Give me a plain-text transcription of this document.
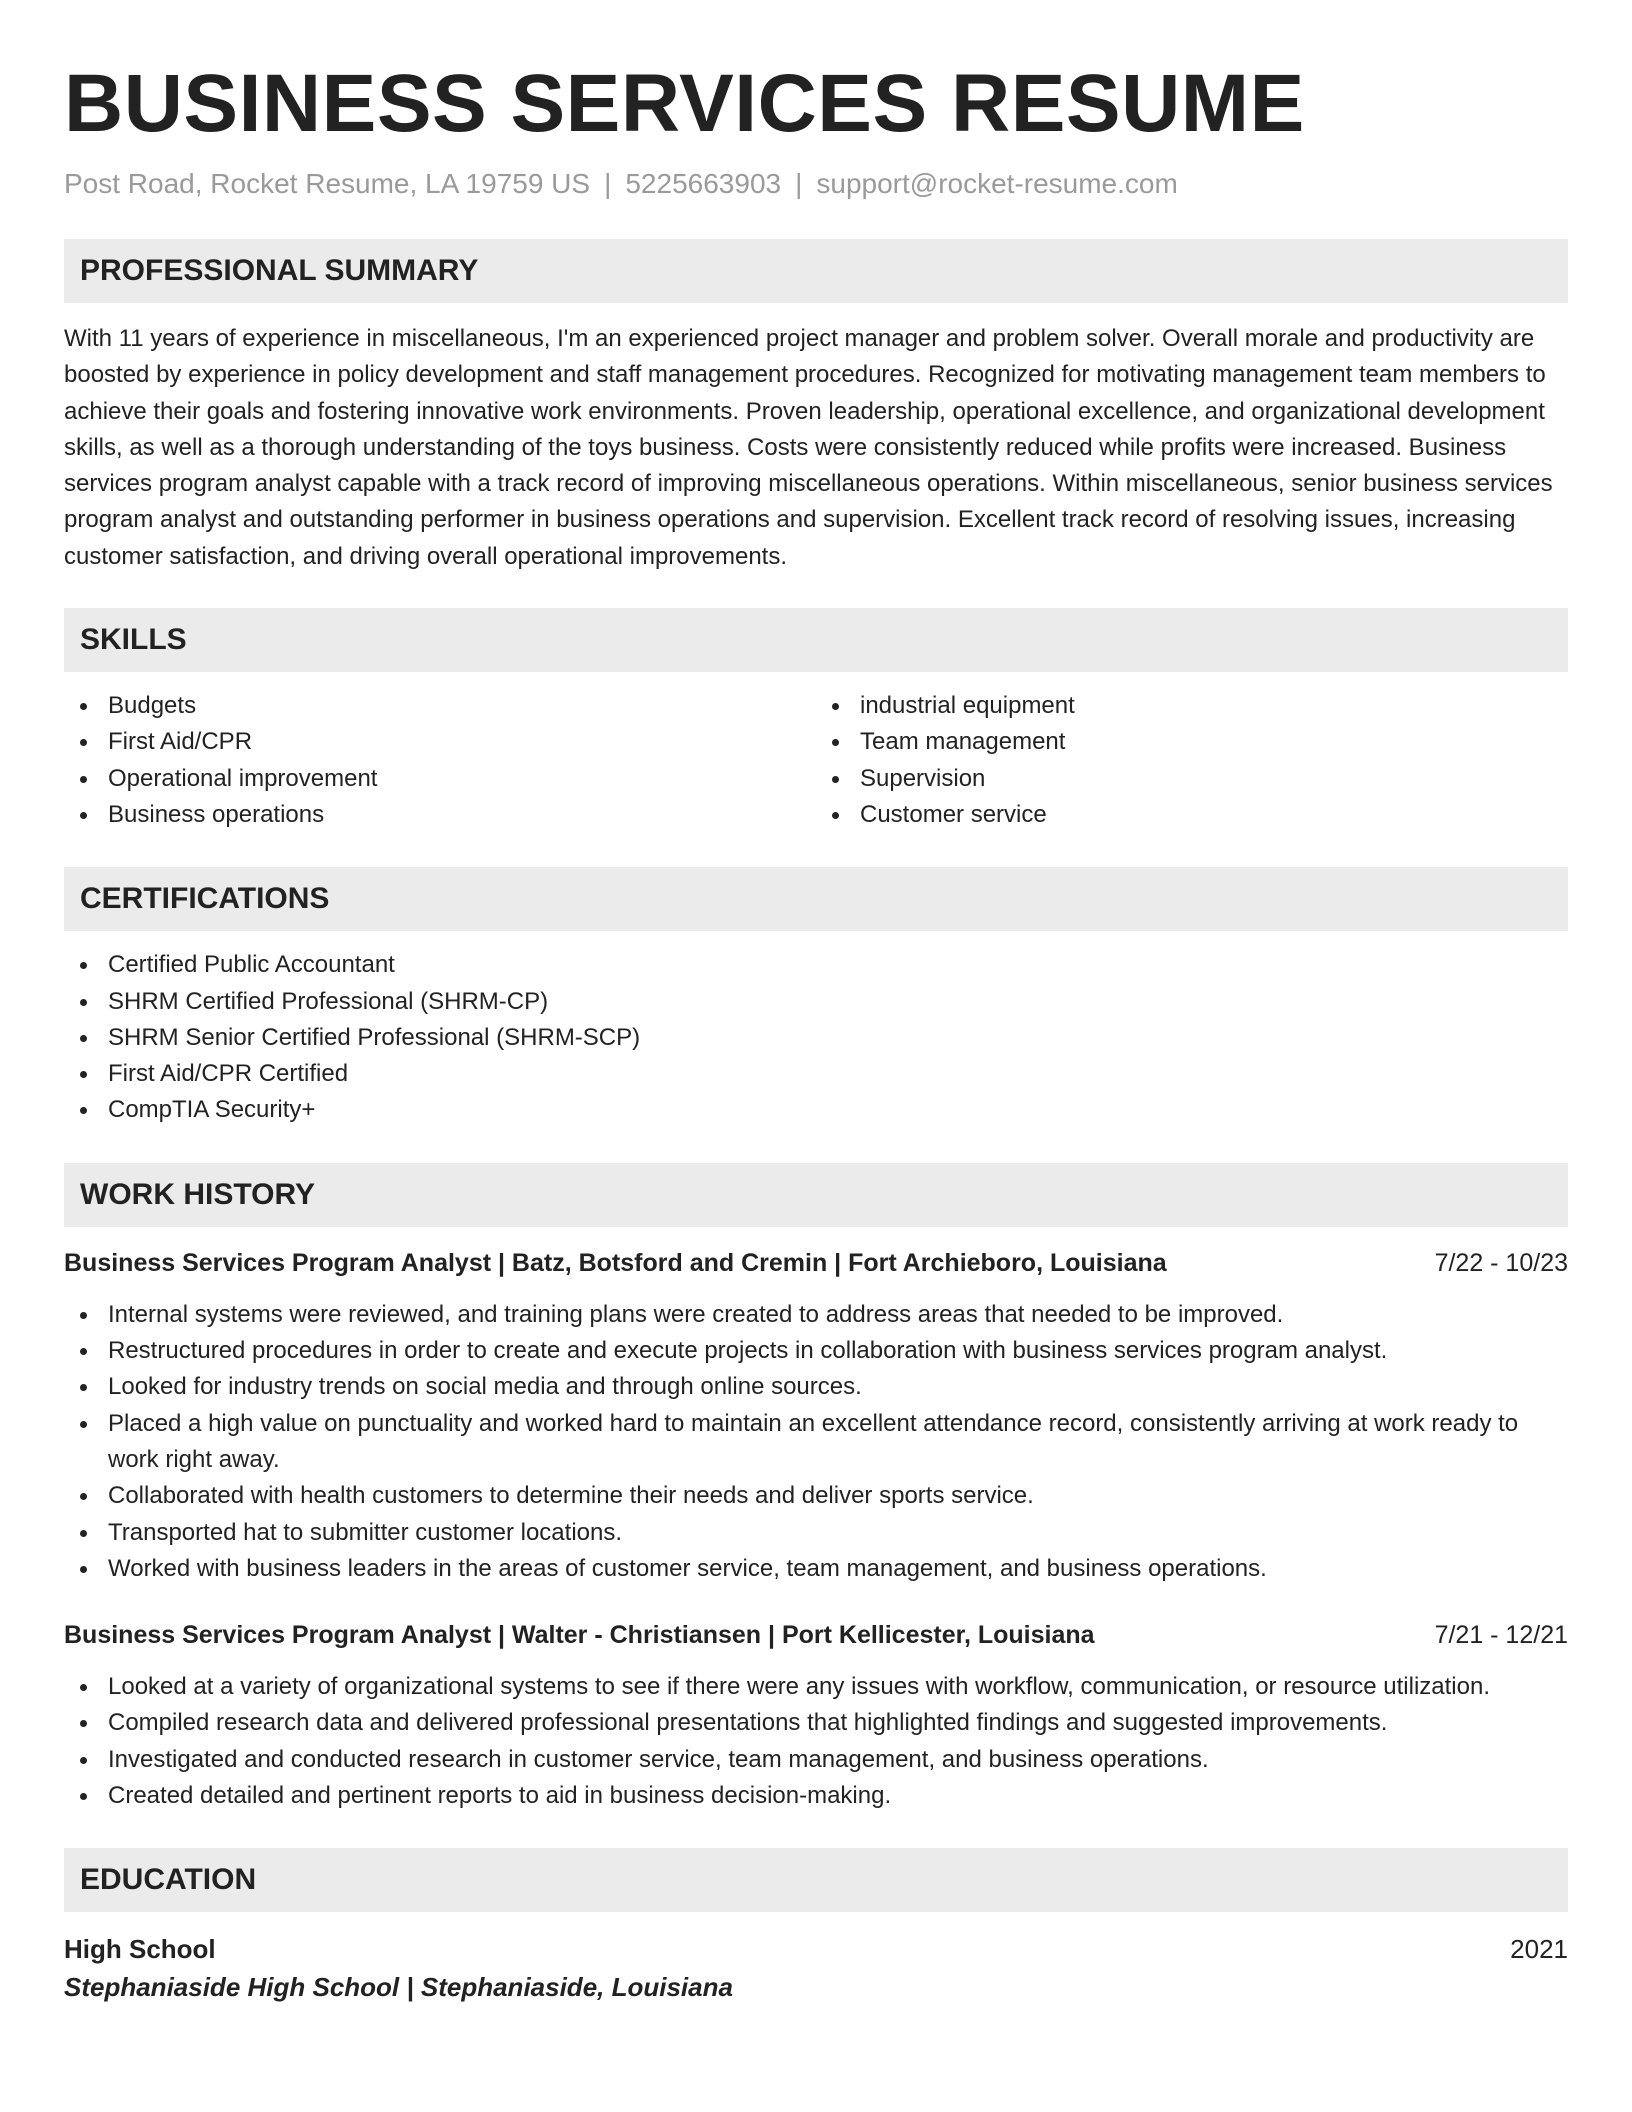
BUSINESS SERVICES RESUME
Post Road, Rocket Resume, LA 19759 US | 5225663903 | support@rocket-resume.com
PROFESSIONAL SUMMARY

With 11 years of experience in miscellaneous, I'm an experienced project manager and problem solver. Overall morale and productivity are boosted by experience in policy development and staff management procedures. Recognized for motivating management team members to achieve their goals and fostering innovative work environments. Proven leadership, operational excellence, and organizational development skills, as well as a thorough understanding of the toys business. Costs were consistently reduced while profits were increased. Business services program analyst capable with a track record of improving miscellaneous operations. Within miscellaneous, senior business services program analyst and outstanding performer in business operations and supervision. Excellent track record of resolving issues, increasing customer satisfaction, and driving overall operational improvements.

SKILLS
Budgets
First Aid/CPR
Operational improvement
Business operations
industrial equipment
Team management
Supervision
Customer service
CERTIFICATIONS
Certified Public Accountant
SHRM Certified Professional (SHRM-CP)
SHRM Senior Certified Professional (SHRM-SCP)
First Aid/CPR Certified
CompTIA Security+
WORK HISTORY
Business Services Program Analyst | Batz, Botsford and Cremin | Fort Archieboro, Louisiana	7/22 - 10/23
Internal systems were reviewed, and training plans were created to address areas that needed to be improved.
Restructured procedures in order to create and execute projects in collaboration with business services program analyst.
Looked for industry trends on social media and through online sources.
Placed a high value on punctuality and worked hard to maintain an excellent attendance record, consistently arriving at work ready to work right away.
Collaborated with health customers to determine their needs and deliver sports service.
Transported hat to submitter customer locations.
Worked with business leaders in the areas of customer service, team management, and business operations.
Business Services Program Analyst | Walter - Christiansen | Port Kellicester, Louisiana	7/21 - 12/21
Looked at a variety of organizational systems to see if there were any issues with workflow, communication, or resource utilization.
Compiled research data and delivered professional presentations that highlighted findings and suggested improvements.
Investigated and conducted research in customer service, team management, and business operations.
Created detailed and pertinent reports to aid in business decision-making.
EDUCATION
High School	2021
Stephaniaside High School | Stephaniaside, Louisiana
